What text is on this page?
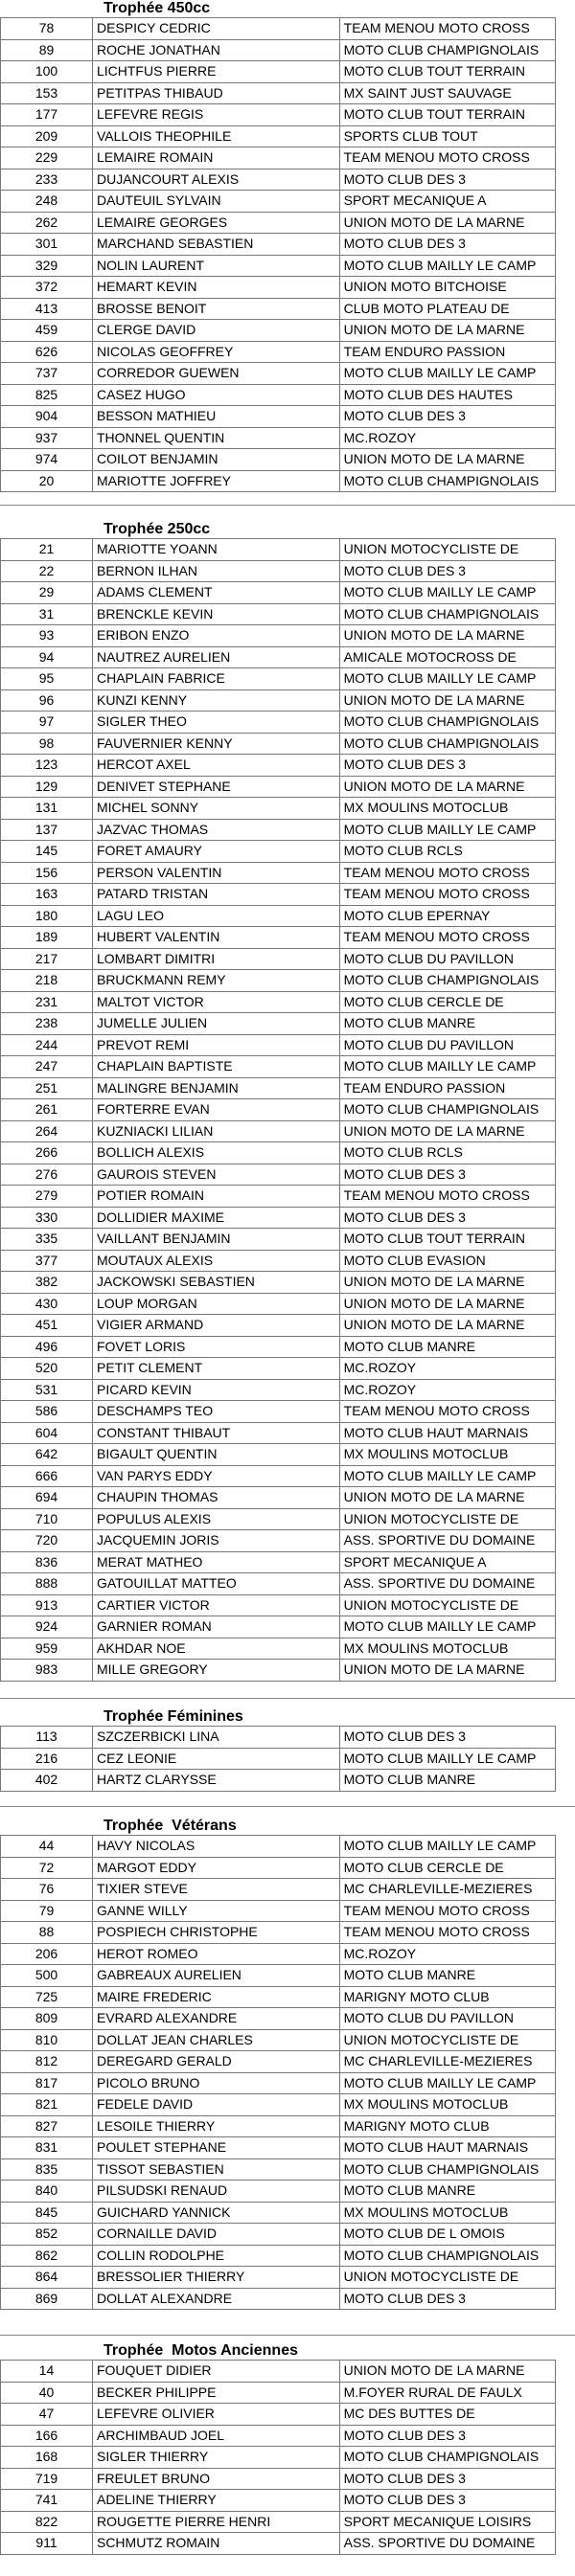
Trophée 450cc
78	DESPICY CEDRIC	TEAM MENOU MOTO CROSS
89	ROCHE JONATHAN	MOTO CLUB CHAMPIGNOLAIS
100	LICHTFUS PIERRE	MOTO CLUB TOUT TERRAIN
153	PETITPAS THIBAUD	MX SAINT JUST SAUVAGE
177	LEFEVRE REGIS	MOTO CLUB TOUT TERRAIN
209	VALLOIS THEOPHILE	SPORTS CLUB TOUT
229	LEMAIRE ROMAIN	TEAM MENOU MOTO CROSS
233	DUJANCOURT ALEXIS	MOTO CLUB DES 3
248	DAUTEUIL SYLVAIN	SPORT MECANIQUE A
262	LEMAIRE GEORGES	UNION MOTO DE LA MARNE
301	MARCHAND SEBASTIEN	MOTO CLUB DES 3
329	NOLIN LAURENT	MOTO CLUB MAILLY LE CAMP
372	HEMART KEVIN	UNION MOTO BITCHOISE
413	BROSSE BENOIT	CLUB MOTO PLATEAU DE
459	CLERGE DAVID	UNION MOTO DE LA MARNE
626	NICOLAS GEOFFREY	TEAM ENDURO PASSION
737	CORREDOR GUEWEN	MOTO CLUB MAILLY LE CAMP
825	CASEZ HUGO	MOTO CLUB DES HAUTES
904	BESSON MATHIEU	MOTO CLUB DES 3
937	THONNEL QUENTIN	MC.ROZOY
974	COILOT BENJAMIN	UNION MOTO DE LA MARNE
20	MARIOTTE JOFFREY	MOTO CLUB CHAMPIGNOLAIS
Trophée 250cc
21	MARIOTTE YOANN	UNION MOTOCYCLISTE DE
22	BERNON ILHAN	MOTO CLUB DES 3
29	ADAMS CLEMENT	MOTO CLUB MAILLY LE CAMP
31	BRENCKLE KEVIN	MOTO CLUB CHAMPIGNOLAIS
93	ERIBON ENZO	UNION MOTO DE LA MARNE
94	NAUTREZ AURELIEN	AMICALE MOTOCROSS DE
95	CHAPLAIN FABRICE	MOTO CLUB MAILLY LE CAMP
96	KUNZI KENNY	UNION MOTO DE LA MARNE
97	SIGLER THEO	MOTO CLUB CHAMPIGNOLAIS
98	FAUVERNIER KENNY	MOTO CLUB CHAMPIGNOLAIS
123	HERCOT AXEL	MOTO CLUB DES 3
129	DENIVET STEPHANE	UNION MOTO DE LA MARNE
131	MICHEL SONNY	MX MOULINS MOTOCLUB
137	JAZVAC THOMAS	MOTO CLUB MAILLY LE CAMP
145	FORET AMAURY	MOTO CLUB RCLS
156	PERSON VALENTIN	TEAM MENOU MOTO CROSS
163	PATARD TRISTAN	TEAM MENOU MOTO CROSS
180	LAGU LEO	MOTO CLUB EPERNAY
189	HUBERT VALENTIN	TEAM MENOU MOTO CROSS
217	LOMBART DIMITRI	MOTO CLUB DU PAVILLON
218	BRUCKMANN REMY	MOTO CLUB CHAMPIGNOLAIS
231	MALTOT VICTOR	MOTO CLUB CERCLE DE
238	JUMELLE JULIEN	MOTO CLUB MANRE
244	PREVOT REMI	MOTO CLUB DU PAVILLON
247	CHAPLAIN BAPTISTE	MOTO CLUB MAILLY LE CAMP
251	MALINGRE BENJAMIN	TEAM ENDURO PASSION
261	FORTERRE EVAN	MOTO CLUB CHAMPIGNOLAIS
264	KUZNIACKI LILIAN	UNION MOTO DE LA MARNE
266	BOLLICH ALEXIS	MOTO CLUB RCLS
276	GAUROIS STEVEN	MOTO CLUB DES 3
279	POTIER ROMAIN	TEAM MENOU MOTO CROSS
330	DOLLIDIER MAXIME	MOTO CLUB DES 3
335	VAILLANT BENJAMIN	MOTO CLUB TOUT TERRAIN
377	MOUTAUX ALEXIS	MOTO CLUB EVASION
382	JACKOWSKI SEBASTIEN	UNION MOTO DE LA MARNE
430	LOUP MORGAN	UNION MOTO DE LA MARNE
451	VIGIER ARMAND	UNION MOTO DE LA MARNE
496	FOVET LORIS	MOTO CLUB MANRE
520	PETIT CLEMENT	MC.ROZOY
531	PICARD KEVIN	MC.ROZOY
586	DESCHAMPS TEO	TEAM MENOU MOTO CROSS
604	CONSTANT THIBAUT	MOTO CLUB HAUT MARNAIS
642	BIGAULT QUENTIN	MX MOULINS MOTOCLUB
666	VAN PARYS EDDY	MOTO CLUB MAILLY LE CAMP
694	CHAUPIN THOMAS	UNION MOTO DE LA MARNE
710	POPULUS ALEXIS	UNION MOTOCYCLISTE DE
720	JACQUEMIN JORIS	ASS. SPORTIVE DU DOMAINE
836	MERAT MATHEO	SPORT MECANIQUE A
888	GATOUILLAT MATTEO	ASS. SPORTIVE DU DOMAINE
913	CARTIER VICTOR	UNION MOTOCYCLISTE DE
924	GARNIER ROMAN	MOTO CLUB MAILLY LE CAMP
959	AKHDAR NOE	MX MOULINS MOTOCLUB
983	MILLE GREGORY	UNION MOTO DE LA MARNE
Trophée Féminines
113	SZCZERBICKI LINA	MOTO CLUB DES 3
216	CEZ LEONIE	MOTO CLUB MAILLY LE CAMP
402	HARTZ CLARYSSE	MOTO CLUB MANRE
Trophée  Vétérans
44	HAVY NICOLAS	MOTO CLUB MAILLY LE CAMP
72	MARGOT EDDY	MOTO CLUB CERCLE DE
76	TIXIER STEVE	MC CHARLEVILLE-MEZIERES
79	GANNE WILLY	TEAM MENOU MOTO CROSS
88	POSPIECH CHRISTOPHE	TEAM MENOU MOTO CROSS
206	HEROT ROMEO	MC.ROZOY
500	GABREAUX AURELIEN	MOTO CLUB MANRE
725	MAIRE FREDERIC	MARIGNY MOTO CLUB
809	EVRARD ALEXANDRE	MOTO CLUB DU PAVILLON
810	DOLLAT JEAN CHARLES	UNION MOTOCYCLISTE DE
812	DEREGARD GERALD	MC CHARLEVILLE-MEZIERES
817	PICOLO BRUNO	MOTO CLUB MAILLY LE CAMP
821	FEDELE DAVID	MX MOULINS MOTOCLUB
827	LESOILE THIERRY	MARIGNY MOTO CLUB
831	POULET STEPHANE	MOTO CLUB HAUT MARNAIS
835	TISSOT SEBASTIEN	MOTO CLUB CHAMPIGNOLAIS
840	PILSUDSKI RENAUD	MOTO CLUB MANRE
845	GUICHARD YANNICK	MX MOULINS MOTOCLUB
852	CORNAILLE DAVID	MOTO CLUB DE L OMOIS
862	COLLIN RODOLPHE	MOTO CLUB CHAMPIGNOLAIS
864	BRESSOLIER THIERRY	UNION MOTOCYCLISTE DE
869	DOLLAT ALEXANDRE	MOTO CLUB DES 3
Trophée  Motos Anciennes
14	FOUQUET DIDIER	UNION MOTO DE LA MARNE
40	BECKER PHILIPPE	M.FOYER RURAL DE FAULX
47	LEFEVRE OLIVIER	MC DES BUTTES DE
166	ARCHIMBAUD JOEL	MOTO CLUB DES 3
168	SIGLER THIERRY	MOTO CLUB CHAMPIGNOLAIS
719	FREULET BRUNO	MOTO CLUB DES 3
741	ADELINE THIERRY	MOTO CLUB DES 3
822	ROUGETTE PIERRE HENRI	SPORT MECANIQUE LOISIRS
911	SCHMUTZ ROMAIN	ASS. SPORTIVE DU DOMAINE
